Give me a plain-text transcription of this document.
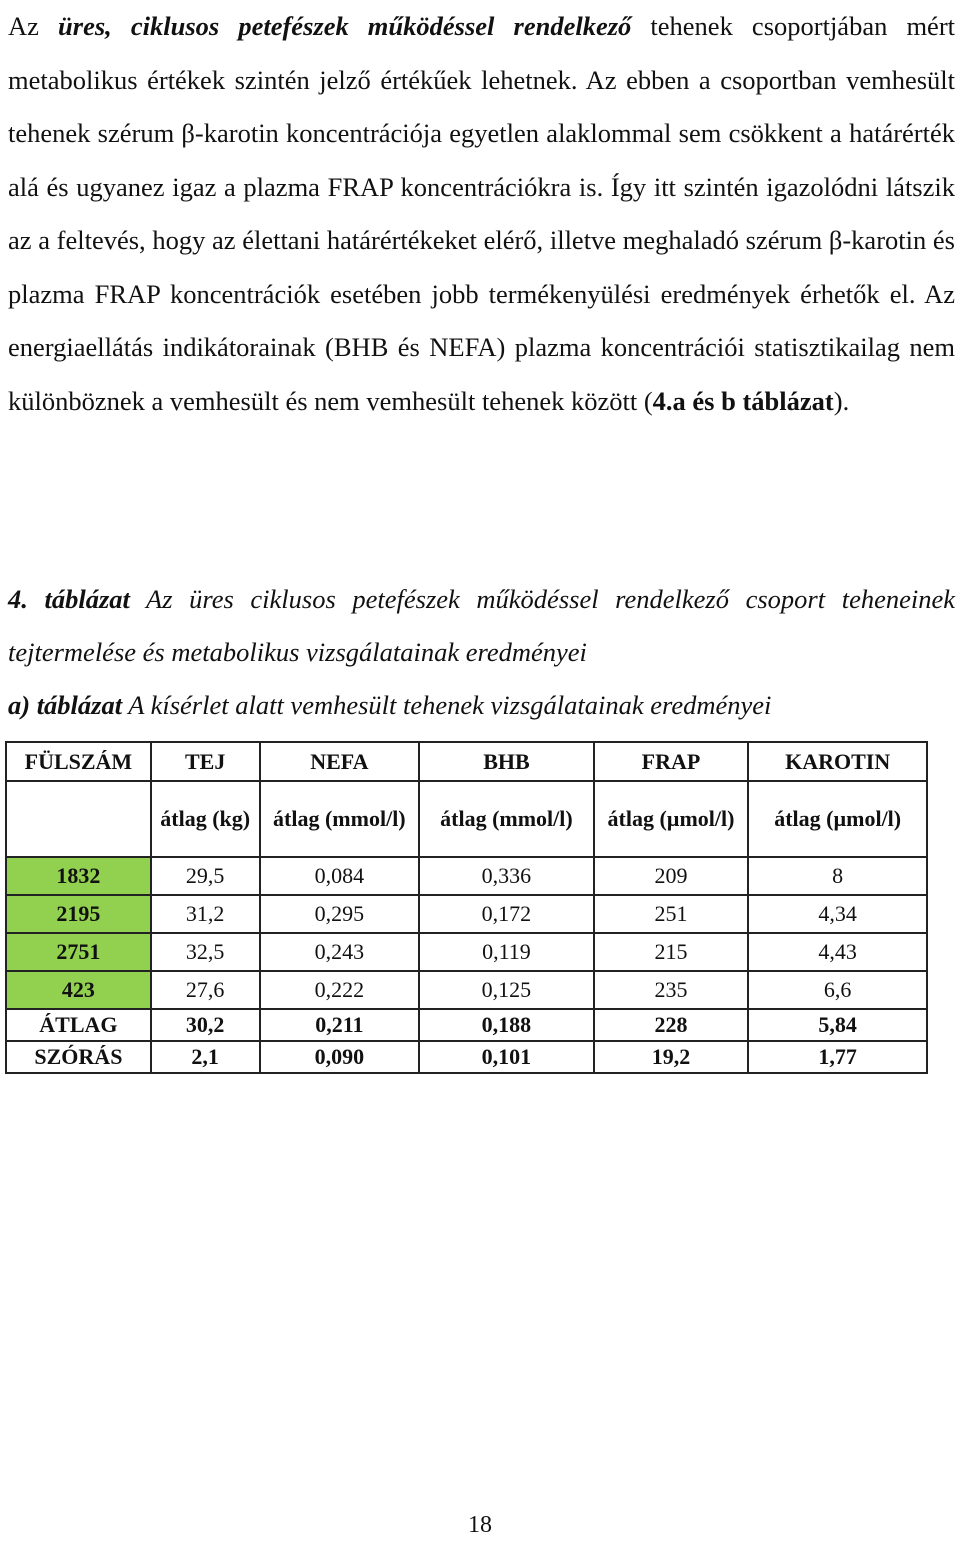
Az üres, ciklusos petefészek működéssel rendelkező tehenek csoportjában mért metabolikus értékek szintén jelző értékűek lehetnek. Az ebben a csoportban vemhesült tehenek szérum β-karotin koncentrációja egyetlen alaklommal sem csökkent a határérték alá és ugyanez igaz a plazma FRAP koncentrációkra is. Így itt szintén igazolódni látszik az a feltevés, hogy az élettani határértékeket elérő, illetve meghaladó szérum β-karotin és plazma FRAP koncentrációk esetében jobb termékenyülési eredmények érhetők el. Az energiaellátás indikátorainak (BHB és NEFA) plazma koncentrációi statisztikailag nem különböznek a vemhesült és nem vemhesült tehenek között (4.a és b táblázat).

4. táblázat Az üres ciklusos petefészek működéssel rendelkező csoport teheneinek tejtermelése és metabolikus vizsgálatainak eredményei

a) táblázat A kísérlet alatt vemhesült tehenek vizsgálatainak eredményei

FÜLSZÁM	TEJ	NEFA	BHB	FRAP	KAROTIN
	átlag (kg)	átlag (mmol/l)	átlag (mmol/l)	átlag (µmol/l)	átlag (µmol/l)
1832	29,5	0,084	0,336	209	8
2195	31,2	0,295	0,172	251	4,34
2751	32,5	0,243	0,119	215	4,43
423	27,6	0,222	0,125	235	6,6
ÁTLAG	30,2	0,211	0,188	228	5,84
SZÓRÁS	2,1	0,090	0,101	19,2	1,77
18
